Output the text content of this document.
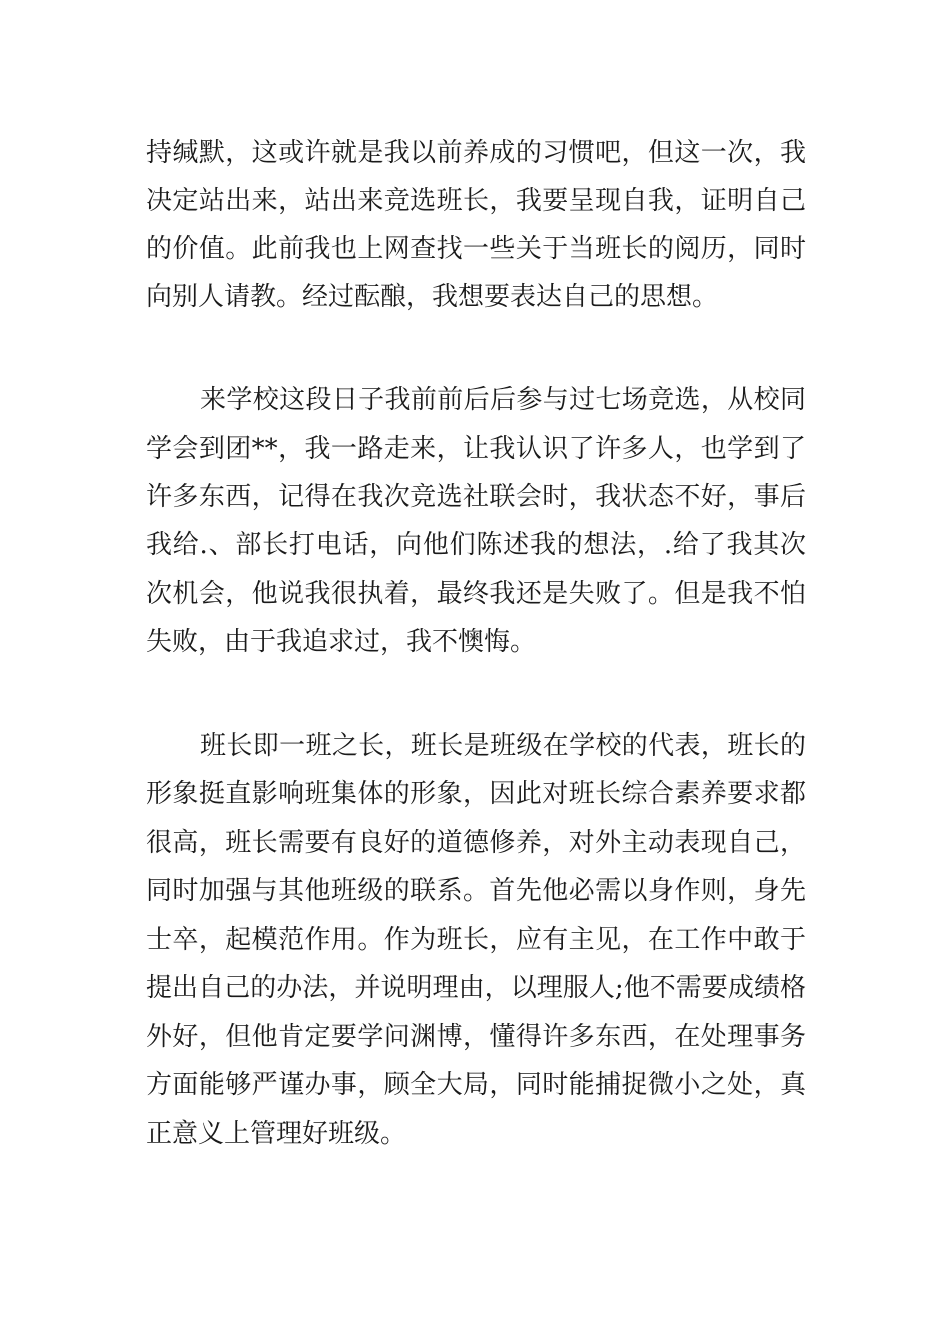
持缄默，这或许就是我以前养成的习惯吧，但这一次，我
决定站出来，站出来竞选班长，我要呈现自我，证明自己
的价值。此前我也上网查找一些关于当班长的阅历，同时
向别人请教。经过酝酿，我想要表达自己的思想。
来学校这段日子我前前后后参与过七场竞选，从校同
学会到团**，我一路走来，让我认识了许多人，也学到了
许多东西，记得在我次竞选社联会时，我状态不好，事后
我给.、部长打电话，向他们陈述我的想法，.给了我其次
次机会，他说我很执着，最终我还是失败了。但是我不怕
失败，由于我追求过，我不懊悔。
班长即一班之长，班长是班级在学校的代表，班长的
形象挺直影响班集体的形象，因此对班长综合素养要求都
很高，班长需要有良好的道德修养，对外主动表现自己，
同时加强与其他班级的联系。首先他必需以身作则，身先
士卒，起模范作用。作为班长，应有主见，在工作中敢于
提出自己的办法，并说明理由，以理服人;他不需要成绩格
外好，但他肯定要学问渊博，懂得许多东西，在处理事务
方面能够严谨办事，顾全大局，同时能捕捉微小之处，真
正意义上管理好班级。
